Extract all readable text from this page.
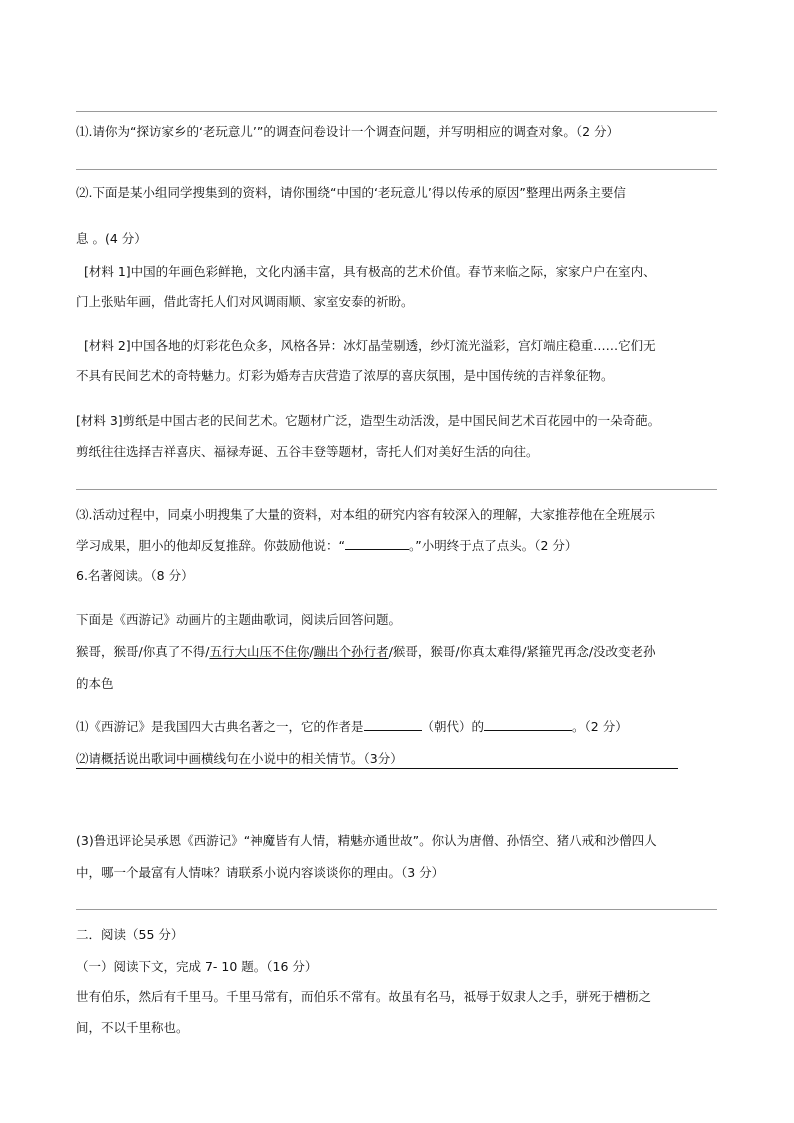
⑴.请你为“探访家乡的‘老玩意儿’”的调查问卷设计一个调查问题，并写明相应的调查对象。（2 分）
⑵.下面是某小组同学搜集到的资料，请你围绕“中国的‘老玩意儿’得以传承的原因”整理出两条主要信
息 。(4 分）
[材料 1]中国的年画色彩鲜艳，文化内涵丰富，具有极高的艺术价值。春节来临之际，家家户户在室内、
门上张贴年画，借此寄托人们对风调雨顺、家室安泰的祈盼。
[材料 2]中国各地的灯彩花色众多，风格各异：冰灯晶莹剔透，纱灯流光溢彩，宫灯端庄稳重……它们无
不具有民间艺术的奇特魅力。灯彩为婚寿吉庆营造了浓厚的喜庆氛围，是中国传统的吉祥象征物。
[材料 3]剪纸是中国古老的民间艺术。它题材广泛，造型生动活泼，是中国民间艺术百花园中的一朵奇葩。
剪纸往往选择吉祥喜庆、福禄寿诞、五谷丰登等题材，寄托人们对美好生活的向往。
⑶.活动过程中，同桌小明搜集了大量的资料，对本组的研究内容有较深入的理解，大家推荐他在全班展示
学习成果，胆小的他却反复推辞。你鼓励他说：“	。”小明终于点了点头。（2 分）
6.名著阅读。（8 分）
下面是《西游记》动画片的主题曲歌词，阅读后回答问题。
猴哥，猴哥/你真了不得/五行大山压不住你/蹦出个孙行者/猴哥，猴哥/你真太难得/紧箍咒再念/没改变老孙
的本色
⑴《西游记》是我国四大古典名著之一，它的作者是	（朝代）的	。（2 分）
⑵请概括说出歌词中画横线句在小说中的相关情节。（3分）
(3)鲁迅评论吴承恩《西游记》“神魔皆有人情，精魅亦通世故”。你认为唐僧、孙悟空、猪八戒和沙僧四人
中，哪一个最富有人情味？请联系小说内容谈谈你的理由。（3 分）
二．阅读（55 分）
（一）阅读下文，完成 7- 10 题。（16 分）
世有伯乐，然后有千里马。千里马常有，而伯乐不常有。故虽有名马，祗辱于奴隶人之手，骈死于槽枥之
间，不以千里称也。
